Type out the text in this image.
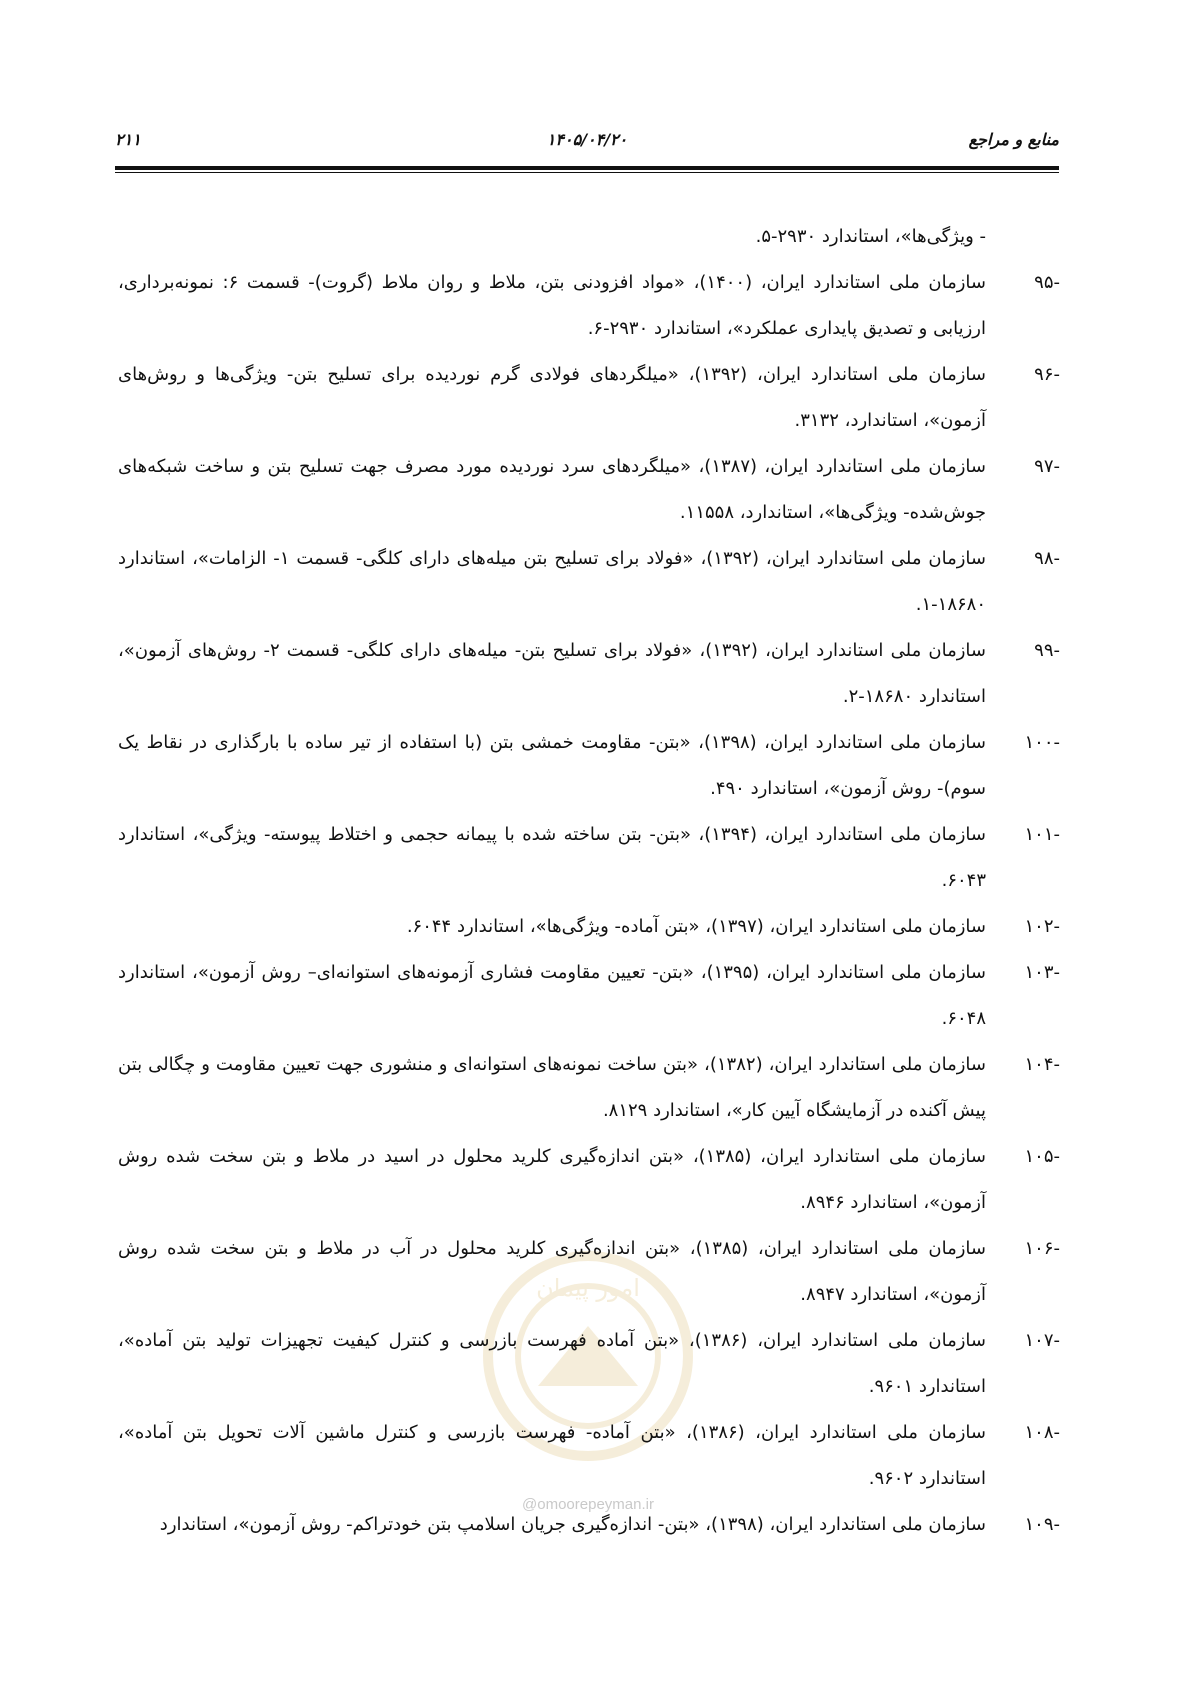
۲۱۱	۱۴۰۵/۰۴/۲۰	منابع و مراجع
امور پیمان
@omoorepeyman.ir
- ویژگی‌ها»، استاندارد ۲۹۳۰-۵.
-۹۵
سازمان ملی استاندارد ایران، (۱۴۰۰)، «مواد افزودنی بتن، ملاط و روان ملاط (گروت)- قسمت ۶: نمونه‌برداری، ارزیابی و تصدیق پایداری عملکرد»، استاندارد ۲۹۳۰-۶.
-۹۶
سازمان ملی استاندارد ایران، (۱۳۹۲)، «میلگردهای فولادی گرم نوردیده برای تسلیح بتن- ویژگی‌ها و روش‌های آزمون»، استاندارد، ۳۱۳۲.
-۹۷
سازمان ملی استاندارد ایران، (۱۳۸۷)، «میلگردهای سرد نوردیده مورد مصرف جهت تسلیح بتن و ساخت شبکه‌های جوش‌شده- ویژگی‌ها»، استاندارد، ۱۱۵۵۸.
-۹۸
سازمان ملی استاندارد ایران، (۱۳۹۲)، «فولاد برای تسلیح بتن میله‌های دارای کلگی- قسمت ۱- الزامات»، استاندارد ۱۸۶۸۰-۱.
-۹۹
سازمان ملی استاندارد ایران، (۱۳۹۲)، «فولاد برای تسلیح بتن- میله‌های دارای کلگی- قسمت ۲- روش‌های آزمون»، استاندارد ۱۸۶۸۰-۲.
-۱۰۰
سازمان ملی استاندارد ایران، (۱۳۹۸)، «بتن- مقاومت خمشی بتن (با استفاده از تیر ساده با بارگذاری در نقاط یک سوم)- روش آزمون»، استاندارد ۴۹۰.
-۱۰۱
سازمان ملی استاندارد ایران، (۱۳۹۴)، «بتن- بتن ساخته شده با پیمانه حجمی و اختلاط پیوسته- ویژگی»، استاندارد ۶۰۴۳.
-۱۰۲
سازمان ملی استاندارد ایران، (۱۳۹۷)، «بتن آماده- ویژگی‌ها»، استاندارد ۶۰۴۴.
-۱۰۳
سازمان ملی استاندارد ایران، (۱۳۹۵)، «بتن- تعیین مقاومت فشاری آزمونه‌های استوانه‌ای– روش آزمون»، استاندارد ۶۰۴۸.
-۱۰۴
سازمان ملی استاندارد ایران، (۱۳۸۲)، «بتن ساخت نمونه‌های استوانه‌ای و منشوری جهت تعیین مقاومت و چگالی بتن پیش آکنده در آزمایشگاه آیین کار»، استاندارد ۸۱۲۹.
-۱۰۵
سازمان ملی استاندارد ایران، (۱۳۸۵)، «بتن اندازه‌گیری کلرید محلول در اسید در ملاط و بتن سخت شده روش آزمون»، استاندارد ۸۹۴۶.
-۱۰۶
سازمان ملی استاندارد ایران، (۱۳۸۵)، «بتن اندازه‌گیری کلرید محلول در آب در ملاط و بتن سخت شده روش آزمون»، استاندارد ۸۹۴۷.
-۱۰۷
سازمان ملی استاندارد ایران، (۱۳۸۶)، «بتن آماده فهرست بازرسی و کنترل کیفیت تجهیزات تولید بتن آماده»، استاندارد ۹۶۰۱.
-۱۰۸
سازمان ملی استاندارد ایران، (۱۳۸۶)، «بتن آماده- فهرست بازرسی و کنترل ماشین آلات تحویل بتن آماده»، استاندارد ۹۶۰۲.
-۱۰۹
سازمان ملی استاندارد ایران، (۱۳۹۸)، «بتن- اندازه‌گیری جریان اسلامپ بتن خودتراکم- روش آزمون»، استاندارد
